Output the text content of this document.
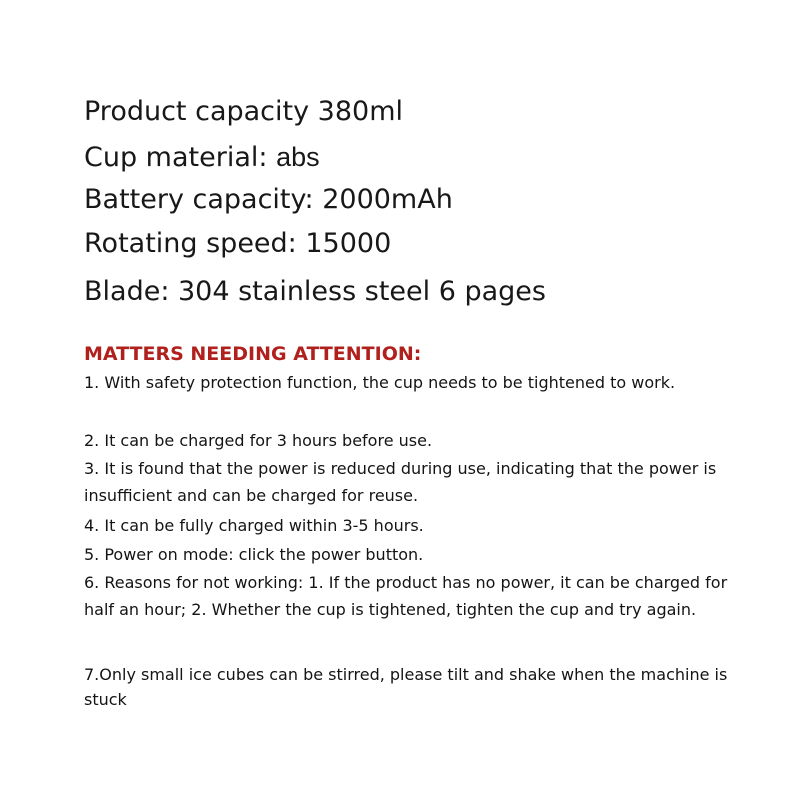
Product capacity 380ml
Cup material: abs
Battery capacity: 2000mAh
Rotating speed: 15000
Blade: 304 stainless steel 6 pages
MATTERS NEEDING ATTENTION:
1. With safety protection function, the cup needs to be tightened to work.
2. It can be charged for 3 hours before use.
3. It is found that the power is reduced during use, indicating that the power is insufficient and can be charged for reuse.
4. It can be fully charged within 3-5 hours.
5. Power on mode: click the power button.
6. Reasons for not working: 1. If the product has no power, it can be charged for half an hour; 2. Whether the cup is tightened, tighten the cup and try again.
7.Only small ice cubes can be stirred, please tilt and shake when the machine is stuck
